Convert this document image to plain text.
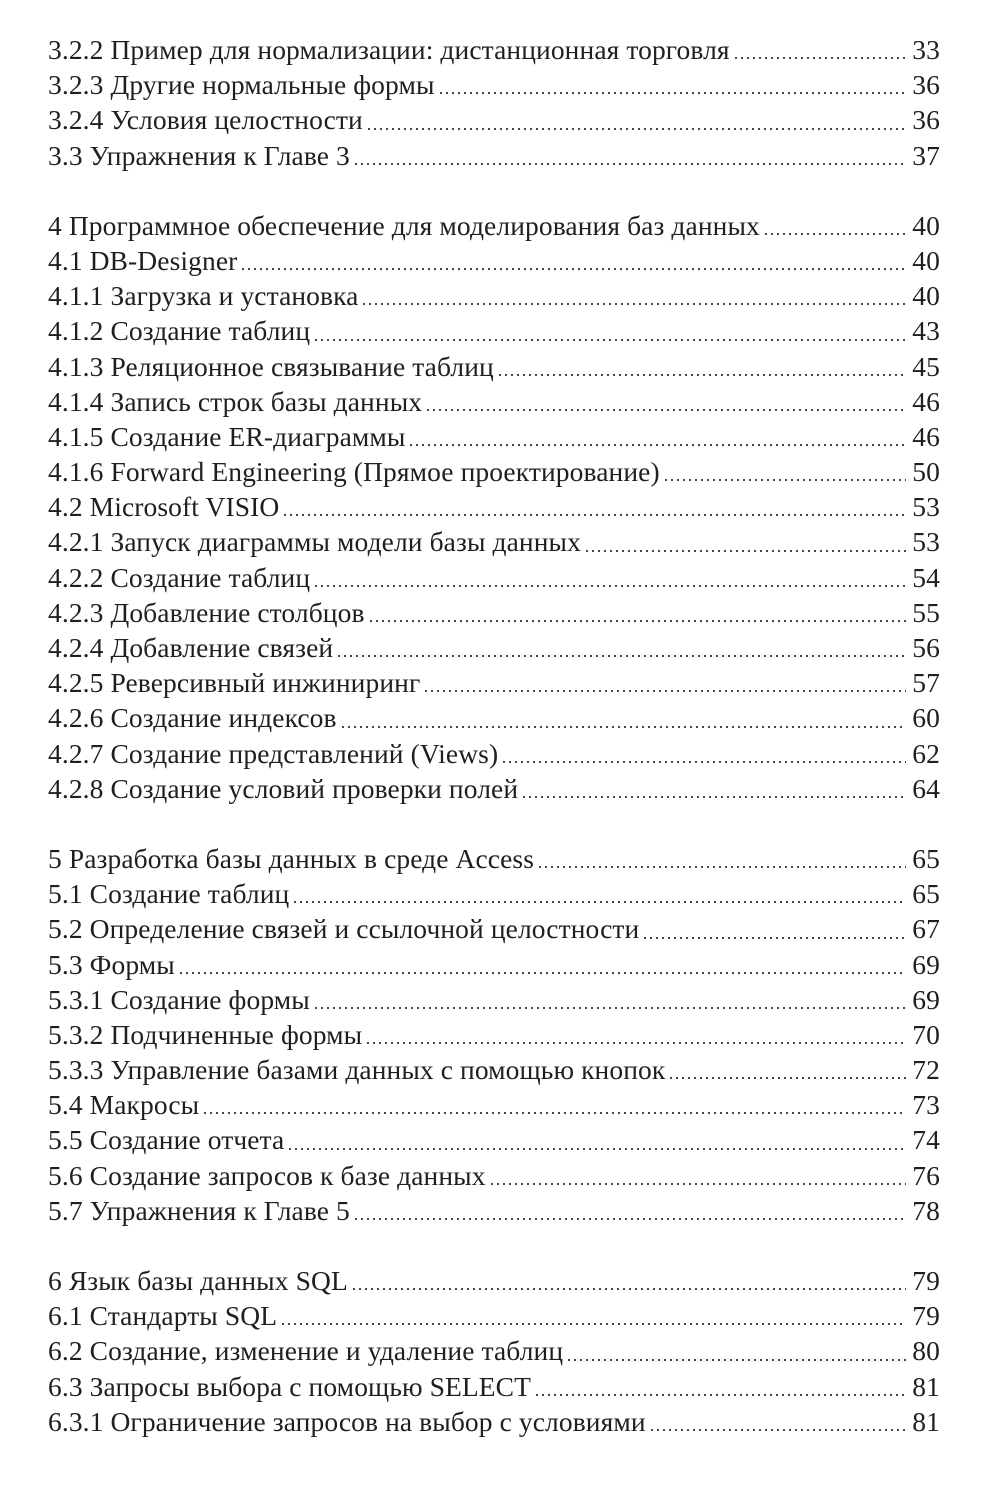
3.2.2 Пример для нормализации: дистанционная торговля	33
3.2.3 Другие нормальные формы	36
3.2.4 Условия целостности	36
3.3 Упражнения к Главе 3	37
4 Программное обеспечение для моделирования баз данных	40
4.1 DB-Designer	40
4.1.1 Загрузка и установка	40
4.1.2 Создание таблиц	43
4.1.3 Реляционное связывание таблиц	45
4.1.4 Запись строк базы данных	46
4.1.5 Создание ER-диаграммы	46
4.1.6 Forward Engineering (Прямое проектирование)	50
4.2 Microsoft VISIO	53
4.2.1 Запуск диаграммы модели базы данных	53
4.2.2 Создание таблиц	54
4.2.3 Добавление столбцов	55
4.2.4 Добавление связей	56
4.2.5 Реверсивный инжиниринг	57
4.2.6 Создание индексов	60
4.2.7 Создание представлений (Views)	62
4.2.8 Создание условий проверки полей	64
5 Разработка базы данных в среде Access	65
5.1 Создание таблиц	65
5.2 Определение связей и ссылочной целостности	67
5.3 Формы	69
5.3.1 Создание формы	69
5.3.2 Подчиненные формы	70
5.3.3 Управление базами данных с помощью кнопок	72
5.4 Макросы	73
5.5 Создание отчета	74
5.6 Создание запросов к базе данных	76
5.7 Упражнения к Главе 5	78
6 Язык базы данных SQL	79
6.1 Стандарты SQL	79
6.2 Создание, изменение и удаление таблиц	80
6.3 Запросы выбора с помощью SELECT	81
6.3.1 Ограничение запросов на выбор с условиями	81
